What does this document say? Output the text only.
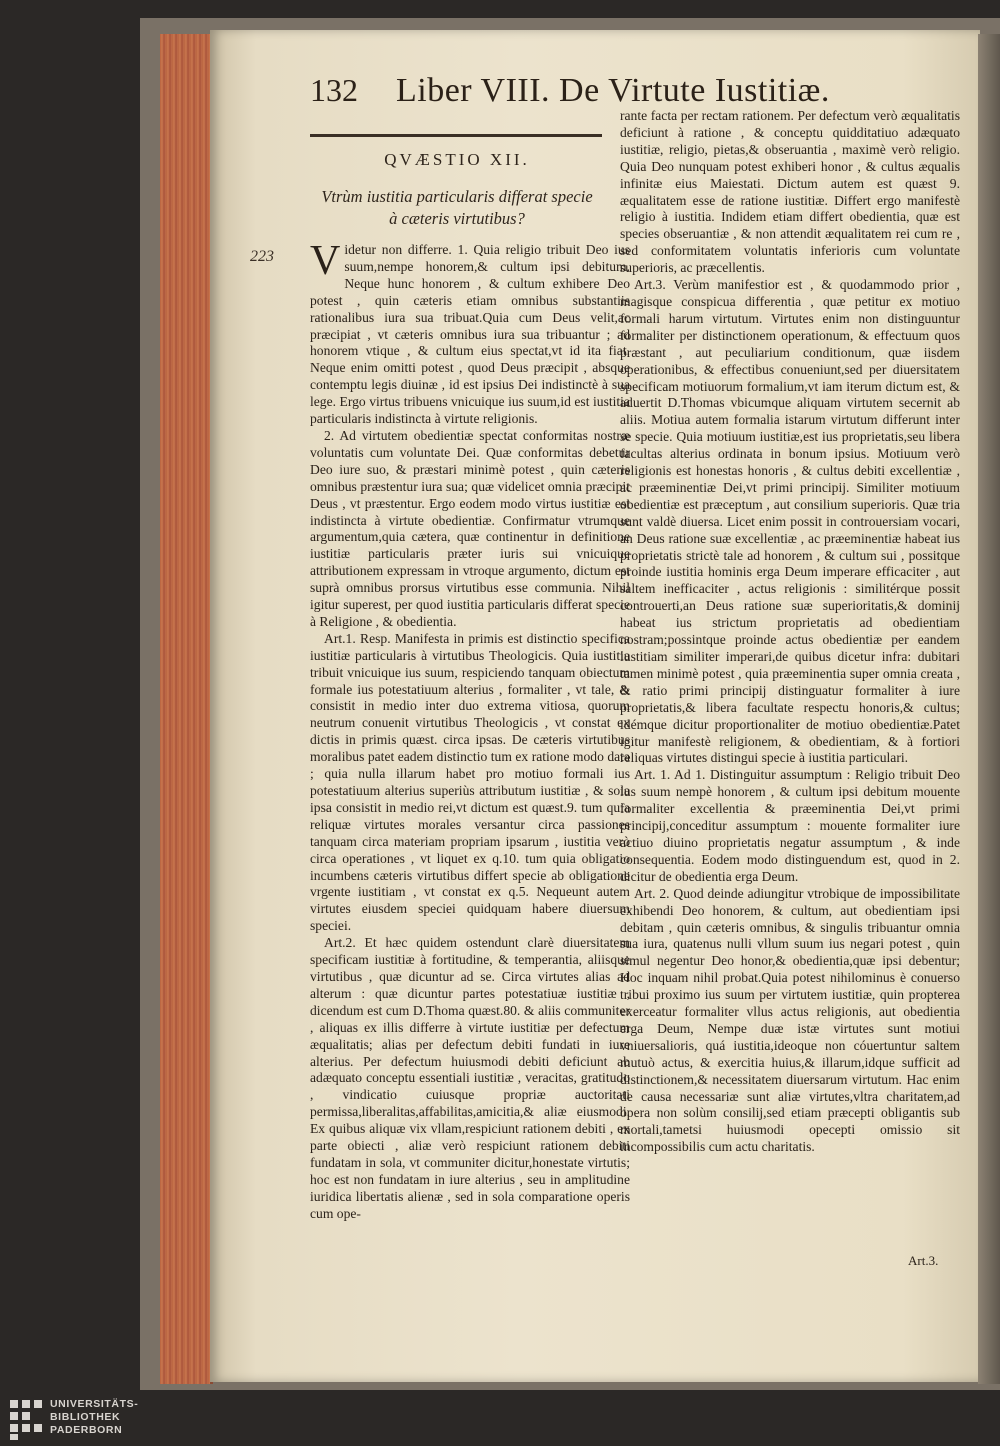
132 Liber VIII. De Virtute Iustitiæ.
QVÆSTIO XII.
Vtrùm iustitia particularis differat specie à cæteris virtutibus?
223 Videtur non differre. 1. Quia religio tribuit Deo ius suum,nempe honorem,& cultum ipsi debitum. Neque hunc honorem , & cultum exhibere Deo potest , quin cæteris etiam omnibus substantiis rationalibus iura sua tribuat.Quia cum Deus velit,ac præcipiat , vt cæteris omnibus iura sua tribuantur ; ad honorem vtique , & cultum eius spectat,vt id ita fiat. Neque enim omitti potest , quod Deus præcipit , absque contemptu legis diuinæ , id est ipsius Dei indistinctè à sua lege. Ergo virtus tribuens vnicuique ius suum,id est iustitia particularis indistincta à virtute religionis.

2. Ad virtutem obedientiæ spectat conformitas nostræ voluntatis cum voluntate Dei. Quæ conformitas debetur Deo iure suo, & præstari minimè potest , quin cæteris omnibus præstentur iura sua; quæ videlicet omnia præcipit Deus , vt præstentur. Ergo eodem modo virtus iustitiæ est indistincta à virtute obedientiæ. Confirmatur vtrumque argumentum,quia cætera, quæ continentur in definitione iustitiæ particularis præter iuris sui vnicuique attributionem expressam in vtroque argumento, dictum est suprà omnibus prorsus virtutibus esse communia. Nihil igitur superest, per quod iustitia particularis differat specie à Religione , & obedientia.

Art.1. Resp. Manifesta in primis est distinctio specifica iustitiæ particularis à virtutibus Theologicis. Quia iustitia tribuit vnicuique ius suum, respiciendo tanquam obiectum formale ius potestatiuum alterius , formaliter , vt tale, & consistit in medio inter duo extrema vitiosa, quorum neutrum conuenit virtutibus Theologicis , vt constat ex dictis in primis quæst. circa ipsas. De cæteris virtutibus moralibus patet eadem distinctio tum ex ratione modo data ; quia nulla illarum habet pro motiuo formali ius potestatiuum alterius superiùs attributum iustitiæ , & sola ipsa consistit in medio rei,vt dictum est quæst.9. tum quia reliquæ virtutes morales versantur circa passiones tanquam circa materiam propriam ipsarum , iustitia verò circa operationes , vt liquet ex q.10. tum quia obligatio incumbens cæteris virtutibus differt specie ab obligatione vrgente iustitiam , vt constat ex q.5. Nequeunt autem virtutes eiusdem speciei quidquam habere diuersum speciei.

Art.2. Et hæc quidem ostendunt clarè diuersitatem specificam iustitiæ à fortitudine, & temperantia, aliisque virtutibus , quæ dicuntur ad se. Circa virtutes alias ad alterum : quæ dicuntur partes potestatiuæ iustitiæ , dicendum est cum D.Thoma quæst.80. & aliis communiter , aliquas ex illis differre à virtute iustitiæ per defectum æqualitatis; alias per defectum debiti fundati in iure alterius. Per defectum huiusmodi debiti deficiunt ab adæquato conceptu essentiali iustitiæ , veracitas, gratitudo , vindicatio cuiusque propriæ auctoritati permissa,liberalitas,affabilitas,amicitia,& aliæ eiusmodi. Ex quibus aliquæ vix vllam,respiciunt rationem debiti , ex parte obiecti , aliæ verò respiciunt rationem debiti fundatam in sola, vt communiter dicitur,honestate virtutis; hoc est non fundatam in iure alterius , seu in amplitudine iuridica libertatis alienæ , sed in sola comparatione operis cum ope-

rante facta per rectam rationem. Per defectum verò æqualitatis deficiunt à ratione , & conceptu quidditatiuo adæquato iustitiæ, religio, pietas,& obseruantia , maximè verò religio. Quia Deo nunquam potest exhiberi honor , & cultus æqualis infinitæ eius Maiestati. Dictum autem est quæst 9. æqualitatem esse de ratione iustitiæ. Differt ergo manifestè religio à iustitia. Indidem etiam differt obedientia, quæ est species obseruantiæ , & non attendit æqualitatem rei cum re , sed conformitatem voluntatis inferioris cum voluntate superioris, ac præcellentis.

Art.3. Verùm manifestior est , & quodammodo prior , magisque conspicua differentia , quæ petitur ex motiuo formali harum virtutum. Virtutes enim non distinguuntur formaliter per distinctionem operationum, & effectuum quos præstant , aut peculiarium conditionum, quæ iisdem operationibus, & effectibus conueniunt,sed per diuersitatem specificam motiuorum formalium,vt iam iterum dictum est, & aduertit D.Thomas vbicumque aliquam virtutem secernit ab aliis. Motiua autem formalia istarum virtutum differunt inter se specie. Quia motiuum iustitiæ,est ius proprietatis,seu libera facultas alterius ordinata in bonum ipsius. Motiuum verò religionis est honestas honoris , & cultus debiti excellentiæ , ac præeminentiæ Dei,vt primi principij. Similiter motiuum obedientiæ est præceptum , aut consilium superioris. Quæ tria sunt valdè diuersa. Licet enim possit in controuersiam vocari, an Deus ratione suæ excellentiæ , ac præeminentiæ habeat ius proprietatis strictè tale ad honorem , & cultum sui , possitque proinde iustitia hominis erga Deum imperare efficaciter , aut saltem inefficaciter , actus religionis : similitérque possit controuerti,an Deus ratione suæ superioritatis,& dominij habeat ius strictum proprietatis ad obedientiam nostram;possintque proinde actus obedientiæ per eandem iustitiam similiter imperari,de quibus dicetur infra: dubitari tamen minimè potest , quia præeminentia super omnia creata , & ratio primi principij distinguatur formaliter à iure proprietatis,& libera facultate respectu honoris,& cultus; idémque dicitur proportionaliter de motiuo obedientiæ.Patet igitur manifestè religionem, & obedientiam, & à fortiori reliquas virtutes distingui specie à iustitia particulari.

Art. 1. Ad 1. Distinguitur assumptum : Religio tribuit Deo ius suum nempè honorem , & cultum ipsi debitum mouente formaliter excellentia & præeminentia Dei,vt primi principij,conceditur assumptum : mouente formaliter iure actiuo diuino proprietatis negatur assumptum , & inde consequentia. Eodem modo distinguendum est, quod in 2. dicitur de obedientia erga Deum.

Art. 2. Quod deinde adiungitur vtrobique de impossibilitate exhibendi Deo honorem, & cultum, aut obedientiam ipsi debitam , quin cæteris omnibus, & singulis tribuantur omnia sua iura, quatenus nulli vllum suum ius negari potest , quin simul negentur Deo honor,& obedientia,quæ ipsi debentur; Hoc inquam nihil probat.Quia potest nihilominus è conuerso tribui proximo ius suum per virtutem iustitiæ, quin propterea exerceatur formaliter vllus actus religionis, aut obedientia erga Deum, Nempe duæ istæ virtutes sunt motiui vniuersalioris, quá iustitia,ideoque non cóuertuntur saltem mutuò actus, & exercitia huius,& illarum,idque sufficit ad distinctionem,& necessitatem diuersarum virtutum. Hac enim de causa necessariæ sunt aliæ virtutes,vltra charitatem,ad opera non solùm consilij,sed etiam præcepti obligantis sub mortali,tametsi huiusmodi opecepti omissio sit incompossibilis cum actu charitatis.

Art.3.
UNIVERSITÄTS-
BIBLIOTHEK
PADERBORN
